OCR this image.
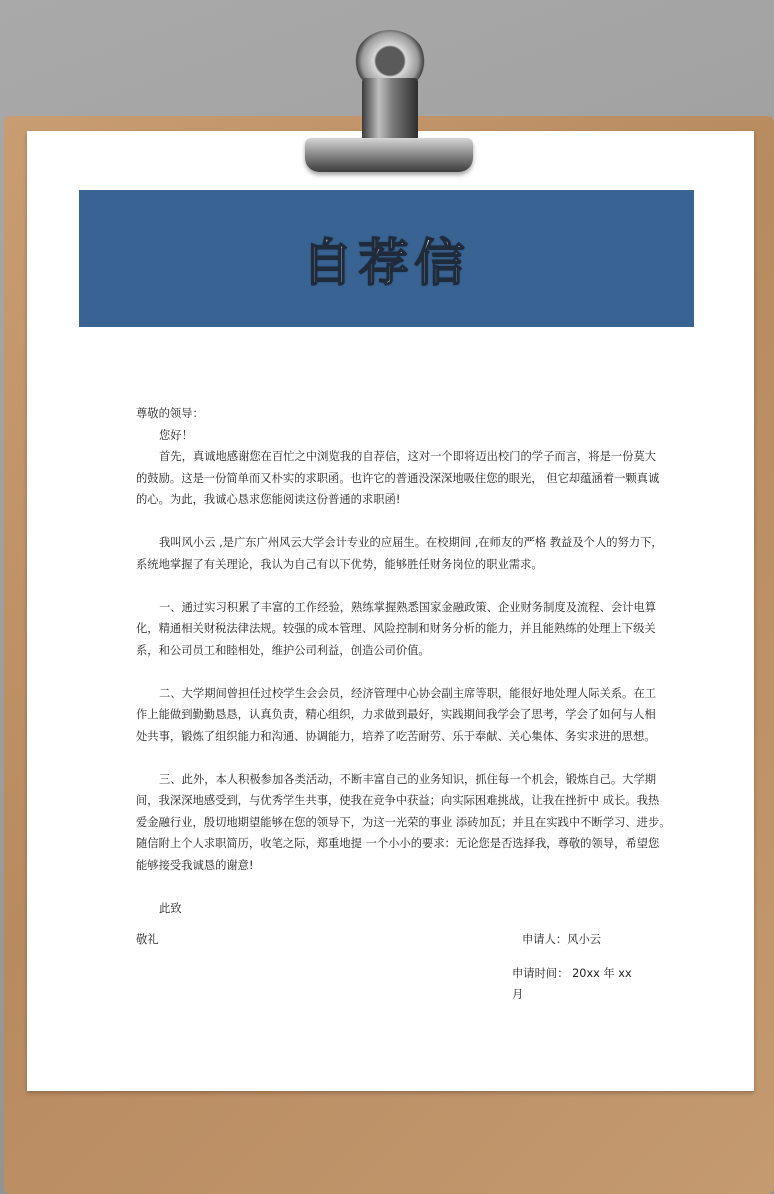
自荐信
尊敬的领导：
您好！
首先，真诚地感谢您在百忙之中浏览我的自荐信，这对一个即将迈出校门的学子而言，将是一份莫大
的鼓励。这是一份简单而又朴实的求职函。也许它的普通没深深地吸住您的眼光， 但它却蕴涵着一颗真诚
的心。为此，我诚心恳求您能阅读这份普通的求职函!
我叫风小云 ,是广东广州风云大学会计专业的应届生。在校期间 ,在师友的严格 教益及个人的努力下，
系统地掌握了有关理论，我认为自己有以下优势，能够胜任财务岗位的职业需求。
一、通过实习积累了丰富的工作经验，熟练掌握熟悉国家金融政策、企业财务制度及流程、会计电算
化，精通相关财税法律法规。较强的成本管理、风险控制和财务分析的能力，并且能熟练的处理上下级关
系，和公司员工和睦相处，维护公司利益，创造公司价值。
二、大学期间曾担任过校学生会会员，经济管理中心协会副主席等职，能很好地处理人际关系。在工
作上能做到勤勤恳恳，认真负责，精心组织，力求做到最好，实践期间我学会了思考，学会了如何与人相
处共事，锻炼了组织能力和沟通、协调能力，培养了吃苦耐劳、乐于奉献、关心集体、务实求进的思想。
三、此外，本人积极参加各类活动，不断丰富自己的业务知识，抓住每一个机会，锻炼自己。大学期
间，我深深地感受到，与优秀学生共事，使我在竞争中获益；向实际困难挑战，让我在挫折中 成长。我热
爱金融行业，殷切地期望能够在您的领导下，为这一光荣的事业 添砖加瓦；并且在实践中不断学习、进步。
随信附上个人求职简历，收笔之际，郑重地提 一个小小的要求：无论您是否选择我，尊敬的领导，希望您
能够接受我诚恳的谢意!
此致
敬礼	申请人：风小云
申请时间： 20xx 年 xx 月
